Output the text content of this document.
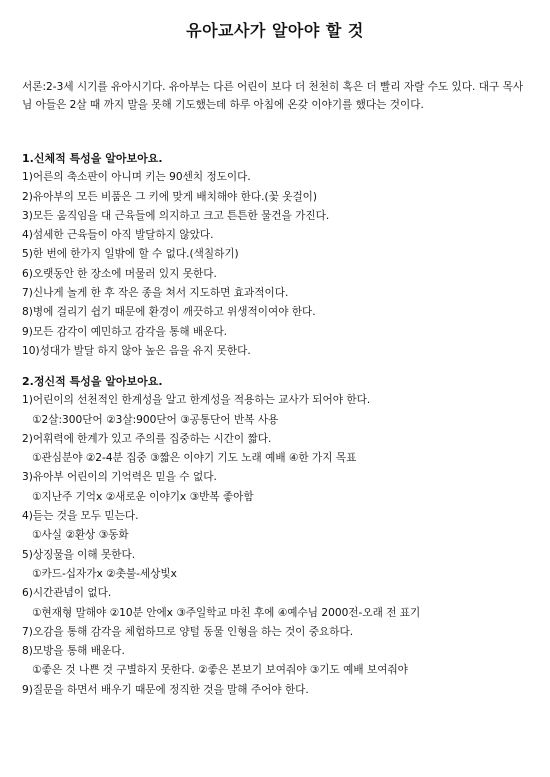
유아교사가 알아야 할 것

서론:2-3세 시기를 유아시기다. 유아부는 다른 어린이 보다 더 천천히 혹은 더 빨리 자랄 수도 있다. 대구 목사님 아들은 2살 때 까지 말을 못해 기도했는데 하루 아침에 온갖 이야기를 했다는 것이다.

1.신체적 특성을 알아보아요.
1)어른의 축소판이 아니며 키는 90센치 정도이다.
2)유아부의 모든 비품은 그 키에 맞게 배치해야 한다.(꽃 옷걸이)
3)모든 움직임을 대 근육들에 의지하고 크고 튼튼한 물건을 가진다.
4)섬세한 근육들이 아직 발달하지 않았다.
5)한 번에 한가지 일밖에 할 수 없다.(색칠하기)
6)오랫동안 한 장소에 머물러 있지 못한다.
7)신나게 놀게 한 후 작은 종을 쳐서 지도하면 효과적이다.
8)병에 걸리기 쉽기 때문에 환경이 깨끗하고 위생적이여야 한다.
9)모든 감각이 예민하고 감각을 통해 배운다.
10)성대가 발달 하지 않아 높은 음을 유지 못한다.
2.정신적 특성을 알아보아요.
1)어린이의 선천적인 한계성을 알고 한계성을 적용하는 교사가 되어야 한다.
①2살:300단어 ②3살:900단어 ③공통단어 반복 사용
2)어휘력에 한계가 있고 주의를 집중하는 시간이 짧다.
①관심분야 ②2-4분 집중 ③짧은 이야기 기도 노래 예배 ④한 가지 목표
3)유아부 어린이의 기억력은 믿을 수 없다.
①지난주 기억x ②새로운 이야기x ③반복 좋아함
4)듣는 것을 모두 믿는다.
①사실 ②환상 ③동화
5)상징물을 이해 못한다.
①카드-십자가x ②촛불-세상빛x
6)시간관념이 없다.
①현재형 말해야 ②10분 안에x ③주일학교 마친 후에 ④예수님 2000전-오래 전 표기
7)오감을 통해 감각을 체험하므로 양털 동물 인형을 하는 것이 중요하다.
8)모방을 통해 배운다.
①좋은 것 나쁜 것 구별하지 못한다. ②좋은 본보기 보여줘야 ③기도 예배 보여줘야
9)질문을 하면서 배우기 때문에 정직한 것을 말해 주어야 한다.
